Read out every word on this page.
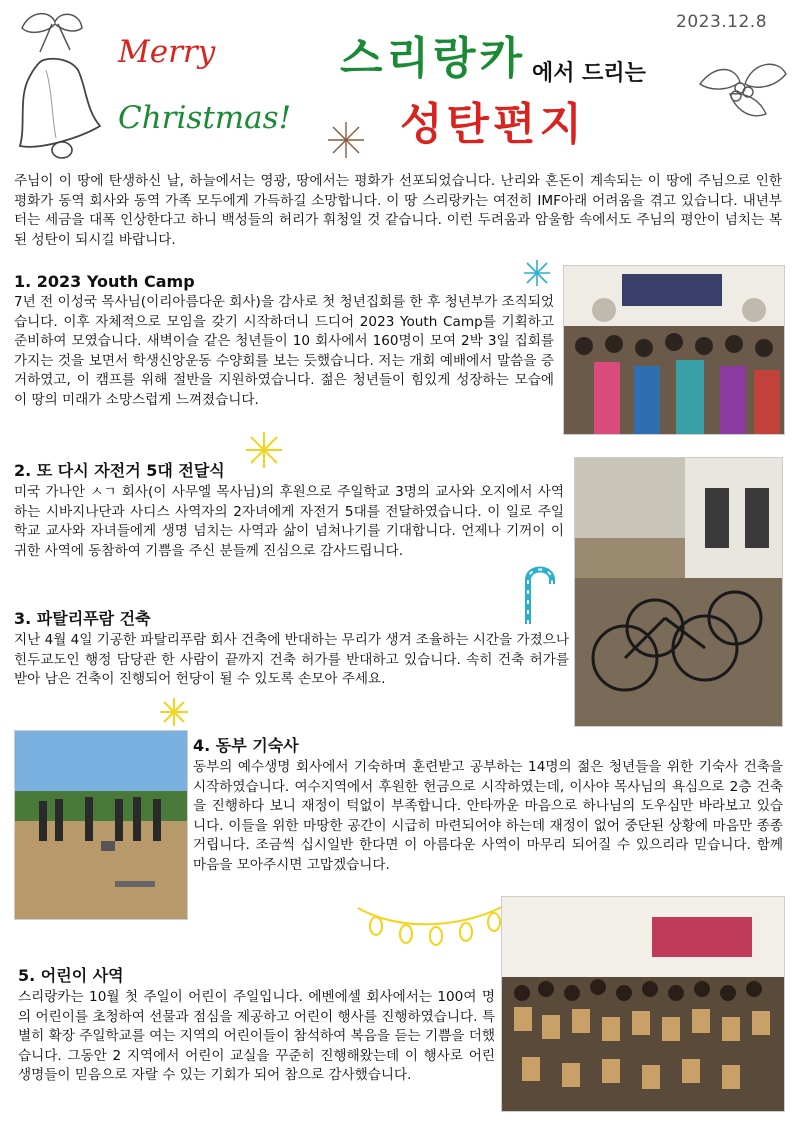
2023.12.8
Merry
Christmas!
스리랑카 에서 드리는
성탄편지

주님이 이 땅에 탄생하신 날, 하늘에서는 영광, 땅에서는 평화가 선포되었습니다. 난리와 혼돈이 계속되는 이 땅에 주님으로 인한 평화가 동역 회사와 동역 가족 모두에게 가득하길 소망합니다. 이 땅 스리랑카는 여전히 IMF아래 어려움을 겪고 있습니다. 내년부터는 세금을 대폭 인상한다고 하니 백성들의 허리가 휘청일 것 같습니다. 이런 두려움과 암울함 속에서도 주님의 평안이 넘치는 복된 성탄이 되시길 바랍니다.

1. 2023 Youth Camp

7년 전 이성국 목사님(이리아름다운 회사)을 감사로 첫 청년집회를 한 후 청년부가 조직되었습니다. 이후 자체적으로 모임을 갖기 시작하더니 드디어 2023 Youth Camp를 기획하고 준비하여 모였습니다. 새벽이슬 같은 청년들이 10 회사에서 160명이 모여 2박 3일 집회를 가지는 것을 보면서 학생신앙운동 수양회를 보는 듯했습니다. 저는 개회 예배에서 말씀을 증거하였고, 이 캠프를 위해 절반을 지원하였습니다. 젊은 청년들이 힘있게 성장하는 모습에 이 땅의 미래가 소망스럽게 느껴졌습니다.

2. 또 다시 자전거 5대 전달식

미국 가나안 ㅅㄱ 회사(이 사무엘 목사님)의 후원으로 주일학교 3명의 교사와 오지에서 사역하는 시바지나단과 사디스 사역자의 2자녀에게 자전거 5대를 전달하였습니다. 이 일로 주일학교 교사와 자녀들에게 생명 넘치는 사역과 삶이 넘쳐나기를 기대합니다. 언제나 기꺼이 이 귀한 사역에 동참하여 기쁨을 주신 분들께 진심으로 감사드립니다.

3. 파탈리푸람 건축

지난 4월 4일 기공한 파탈리푸람 회사 건축에 반대하는 무리가 생겨 조율하는 시간을 가졌으나 힌두교도인 행정 담당관 한 사람이 끝까지 건축 허가를 반대하고 있습니다. 속히 건축 허가를 받아 남은 건축이 진행되어 헌당이 될 수 있도록 손모아 주세요.

4. 동부 기숙사

동부의 예수생명 회사에서 기숙하며 훈련받고 공부하는 14명의 젊은 청년들을 위한 기숙사 건축을 시작하였습니다. 여수지역에서 후원한 헌금으로 시작하였는데, 이사야 목사님의 욕심으로 2층 건축을 진행하다 보니 재정이 턱없이 부족합니다. 안타까운 마음으로 하나님의 도우심만 바라보고 있습니다. 이들을 위한 마땅한 공간이 시급히 마련되어야 하는데 재정이 없어 중단된 상황에 마음만 종종거립니다. 조금씩 십시일반 한다면 이 아름다운 사역이 마무리 되어질 수 있으리라 믿습니다. 함께 마음을 모아주시면 고맙겠습니다.

5. 어린이 사역

스리랑카는 10월 첫 주일이 어린이 주일입니다. 에벤에셀 회사에서는 100여 명의 어린이를 초청하여 선물과 점심을 제공하고 어린이 행사를 진행하였습니다. 특별히 확장 주일학교를 여는 지역의 어린이들이 참석하여 복음을 듣는 기쁨을 더했습니다. 그동안 2 지역에서 어린이 교실을 꾸준히 진행해왔는데 이 행사로 어린 생명들이 믿음으로 자랄 수 있는 기회가 되어 참으로 감사했습니다.
